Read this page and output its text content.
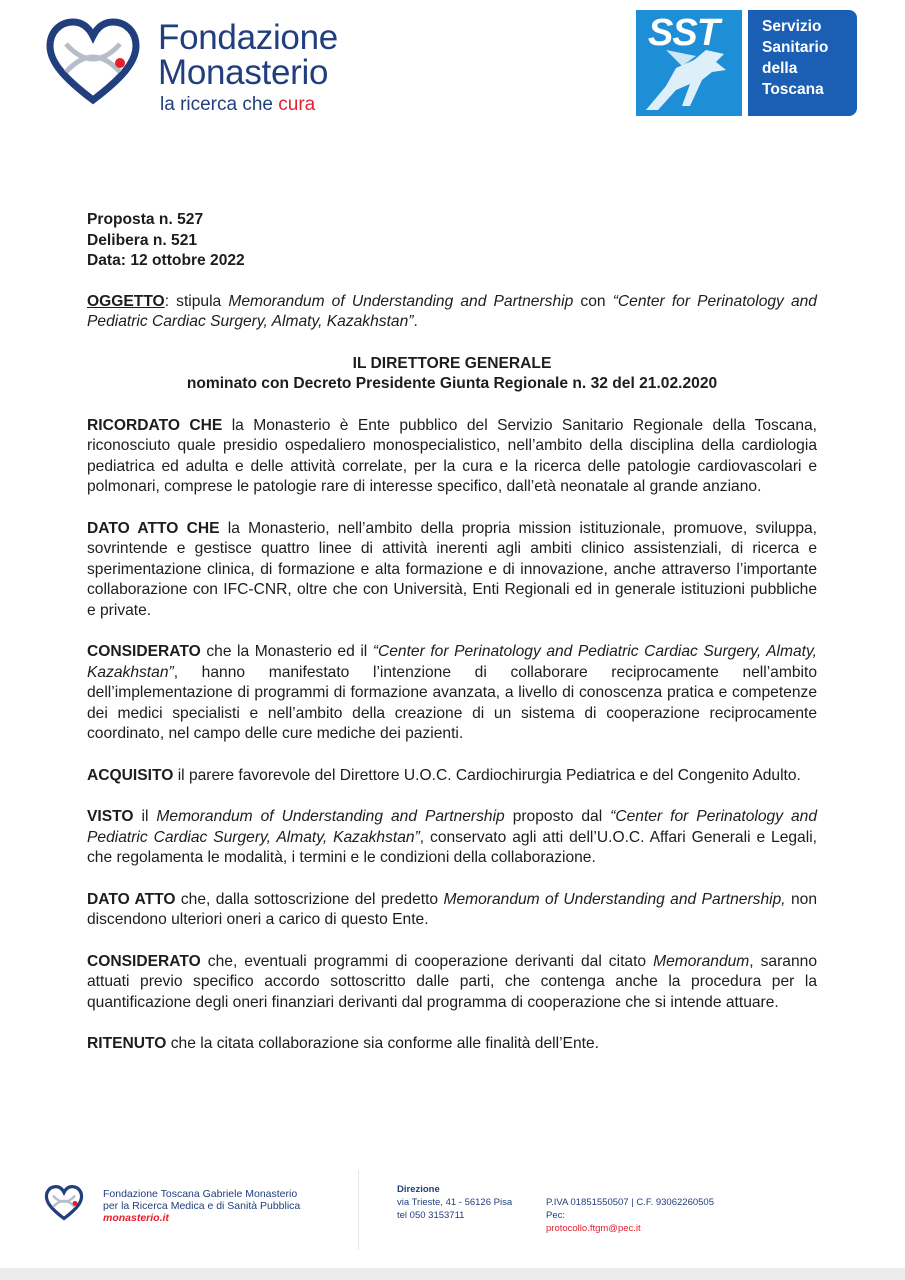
Fondazione
Monasterio
la ricerca che cura
SST	Servizio
Sanitario
della
Toscana
Proposta n. 527
Delibera n. 521
Data: 12 ottobre 2022

OGGETTO: stipula Memorandum of Understanding and Partnership con “Center for Perinatology and Pediatric Cardiac Surgery, Almaty, Kazakhstan”.

IL DIRETTORE GENERALE
nominato con Decreto Presidente Giunta Regionale n. 32 del 21.02.2020

RICORDATO CHE la Monasterio è Ente pubblico del Servizio Sanitario Regionale della Toscana, riconosciuto quale presidio ospedaliero monospecialistico, nell’ambito della disciplina della cardiologia pediatrica ed adulta e delle attività correlate, per la cura e la ricerca delle patologie cardiovascolari e polmonari, comprese le patologie rare di interesse specifico, dall’età neonatale al grande anziano.

DATO ATTO CHE la Monasterio, nell’ambito della propria mission istituzionale, promuove, sviluppa, sovrintende e gestisce quattro linee di attività inerenti agli ambiti clinico assistenziali, di ricerca e sperimentazione clinica, di formazione e alta formazione e di innovazione, anche attraverso l’importante collaborazione con IFC-CNR, oltre che con Università, Enti Regionali ed in generale istituzioni pubbliche e private.

CONSIDERATO che la Monasterio ed il “Center for Perinatology and Pediatric Cardiac Surgery, Almaty, Kazakhstan”, hanno manifestato l’intenzione di collaborare reciprocamente nell’ambito dell’implementazione di programmi di formazione avanzata, a livello di conoscenza pratica e competenze dei medici specialisti e nell’ambito della creazione di un sistema di cooperazione reciprocamente coordinato, nel campo delle cure mediche dei pazienti.

ACQUISITO il parere favorevole del Direttore U.O.C. Cardiochirurgia Pediatrica e del Congenito Adulto.

VISTO il Memorandum of Understanding and Partnership proposto dal “Center for Perinatology and Pediatric Cardiac Surgery, Almaty, Kazakhstan”, conservato agli atti dell’U.O.C. Affari Generali e Legali, che regolamenta le modalità, i termini e le condizioni della collaborazione.

DATO ATTO che, dalla sottoscrizione del predetto Memorandum of Understanding and Partnership, non discendono ulteriori oneri a carico di questo Ente.

CONSIDERATO che, eventuali programmi di cooperazione derivanti dal citato Memorandum, saranno attuati previo specifico accordo sottoscritto dalle parti, che contenga anche la procedura per la quantificazione degli oneri finanziari derivanti dal programma di cooperazione che si intende attuare.

RITENUTO che la citata collaborazione sia conforme alle finalità dell’Ente.

Fondazione Toscana Gabriele Monasterio
per la Ricerca Medica e di Sanità Pubblica
monasterio.it
Direzione
via Trieste, 41 - 56126 Pisa
tel 050 3153711
P.IVA 01851550507 | C.F. 93062260505
Pec:
protocollo.ftgm@pec.it
